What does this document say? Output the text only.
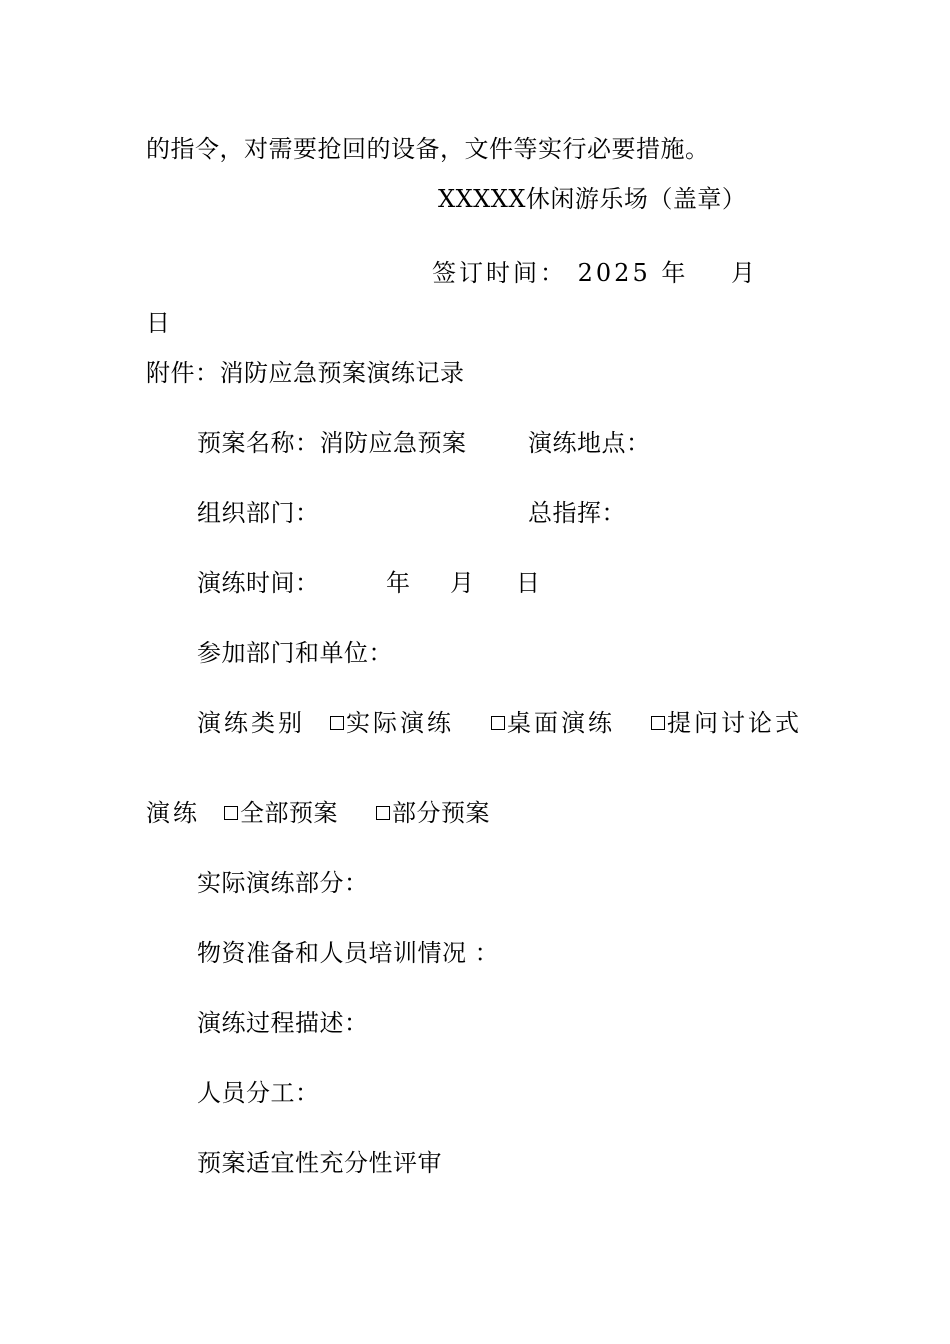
的指令，对需要抢回的设备，文件等实行必要措施。
XXXXX休闲游乐场（盖章）
签订时间： 2025 年 月
日
附件：消防应急预案演练记录
预案名称：消防应急预案	演练地点：
组织部门：	总指挥：
演练时间：	年 月 日
参加部门和单位：
演练类别	实际演练	桌面演练	提问讨论式
演练	全部预案	部分预案
实际演练部分：
物资准备和人员培训情况 ：
演练过程描述：
人员分工：
预案适宜性充分性评审
